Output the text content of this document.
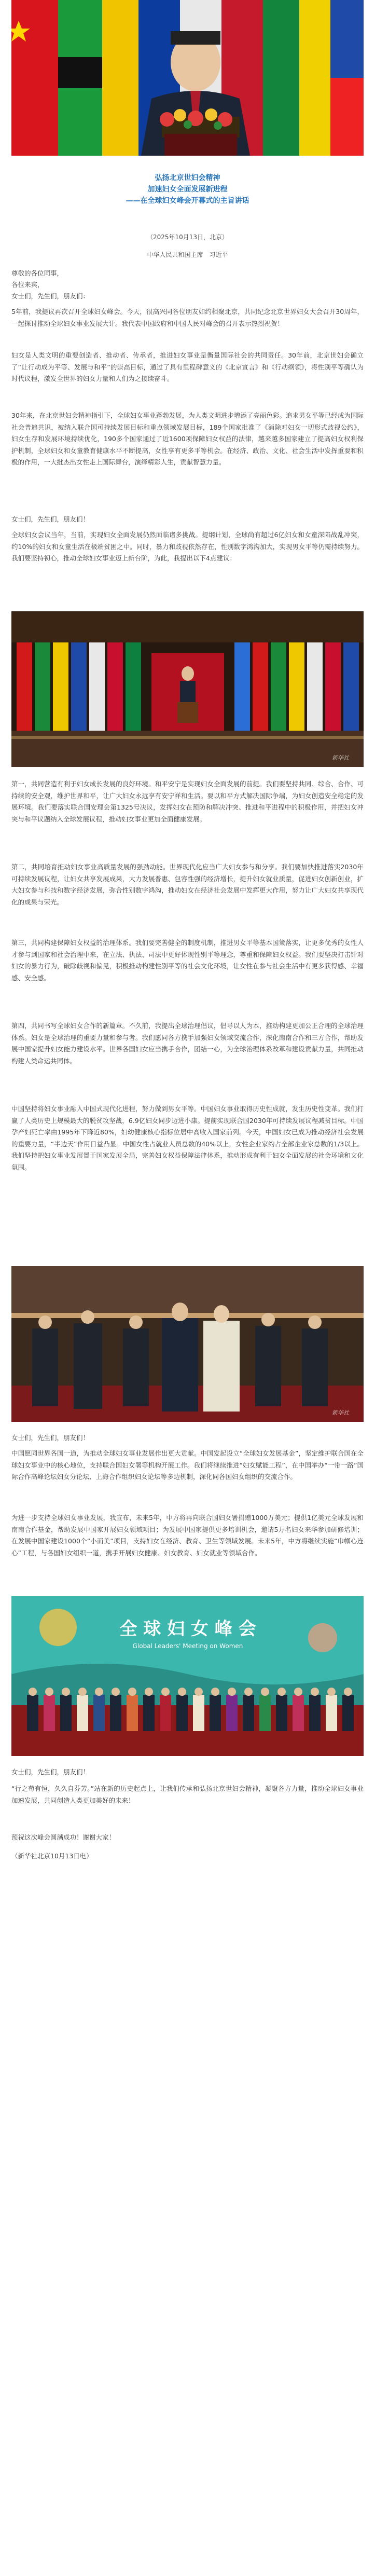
弘扬北京世妇会精神

加速妇女全面发展新进程

——在全球妇女峰会开幕式的主旨讲话

（2025年10月13日，北京）

中华人民共和国主席　习近平

尊敬的各位同事，

各位来宾，

女士们，先生们，朋友们：

5年前，我提议再次召开全球妇女峰会。今天，很高兴同各位朋友如约相聚北京，共同纪念北京世界妇女大会召开30周年，一起探讨推动全球妇女事业发展大计。我代表中国政府和中国人民对峰会的召开表示热烈祝贺！

妇女是人类文明的重要创造者、推动者、传承者，推进妇女事业是衡量国际社会的共同责任。30年前，北京世妇会确立了“让行动成为平等、发展与和平”的崇高目标，通过了具有里程碑意义的《北京宣言》和《行动纲领》，将性别平等确认为时代议程，激发全世界的妇女力量和人们为之接续奋斗。

30年来，在北京世妇会精神指引下，全球妇女事业蓬勃发展，为人类文明进步增添了亮丽色彩。追求男女平等已经成为国际社会普遍共识，被纳入联合国可持续发展目标和重点领域发展目标，189个国家批准了《消除对妇女一切形式歧视公约》，妇女生存和发展环境持续优化，190多个国家通过了近1600项保障妇女权益的法律，越来越多国家建立了提高妇女权利保护机制，全球妇女和女童教育健康水平不断提高，女性享有更多平等机会。在经济、政治、文化、社会生活中发挥重要和积极的作用，一大批杰出女性走上国际舞台，演绎精彩人生，贡献智慧力量。

女士们，先生们，朋友们！

全球妇女会议当年，当前，实现妇女全面发展仍然面临诸多挑战。提纲计划，全球尚有超过6亿妇女和女童深陷战乱冲突，约10%的妇女和女童生活在极端贫困之中。同时，暴力和歧视依然存在，性别数字鸿沟加大，实现男女平等仍需持续努力。我们要坚持初心，推动全球妇女事业迈上新台阶，为此，我提出以下4点建议：

新华社

第一，共同营造有利于妇女成长发展的良好环境。和平安宁是实现妇女全面发展的前提。我们要坚持共同、综合、合作、可持续的安全观，维护世界和平，让广大妇女永远享有安宁祥和生活。要以和平方式解决国际争端，为妇女创造安全稳定的发展环境。我们要落实联合国安理会第1325号决议，发挥妇女在预防和解决冲突、推进和平进程中的积极作用，并把妇女冲突与和平议题纳入全球发展议程，推动妇女事业更加全面健康发展。

第二，共同培育推动妇女事业高质量发展的强劲动能。世界现代化应当广大妇女参与和分享。我们要加快推进落实2030年可持续发展议程，让妇女共享发展成果，大力发展普惠、包容性强的经济增长，提升妇女就业质量，促进妇女创新创业，扩大妇女参与科技和数字经济发展，弥合性别数字鸿沟，推动妇女在经济社会发展中发挥更大作用，努力让广大妇女共享现代化的成果与荣光。

第三，共同构建保障妇女权益的治理体系。我们要完善健全的制度机制，推进男女平等基本国策落实，让更多优秀的女性人才参与到国家和社会治理中来，在立法、执法、司法中更好体现性别平等理念，尊重和保障妇女权益。我们要坚决打击针对妇女的暴力行为，破除歧视和偏见，积极推动构建性别平等的社会文化环境，让女性在参与社会生活中有更多获得感、幸福感、安全感。

第四，共同书写全球妇女合作的新篇章。不久前，我提出全球治理倡议，倡导以人为本，推动构建更加公正合理的全球治理体系。妇女是全球治理的重要力量和参与者。我们愿同各方携手加强妇女领域交流合作，深化南南合作和三方合作，帮助发展中国家提升妇女能力建设水平。世界各国妇女应当携手合作，团结一心，为全球治理体系改革和建设贡献力量，共同推动构建人类命运共同体。

中国坚持将妇女事业融入中国式现代化进程，努力做到男女平等。中国妇女事业取得历史性成就，发生历史性变革。我们打赢了人类历史上规模最大的脱贫攻坚战，6.9亿妇女同步迈进小康。提前实现联合国2030年可持续发展议程减贫目标。中国孕产妇死亡率由1995年下降近80%，妇幼健康核心指标位居中高收入国家前列。今天，中国妇女已成为推动经济社会发展的重要力量，“半边天”作用日益凸显。中国女性占就业人员总数的40%以上，女性企业家约占全部企业家总数的1/3以上。我们坚持把妇女事业发展置于国家发展全局，完善妇女权益保障法律体系，推动形成有利于妇女全面发展的社会环境和文化氛围。

新华社

女士们，先生们，朋友们！

中国愿同世界各国一道，为推动全球妇女事业发展作出更大贡献。中国发起设立“全球妇女发展基金”，坚定维护联合国在全球妇女事业中的核心地位，支持联合国妇女署等机构开展工作。我们将继续推进“妇女赋能工程”，在中国举办“一带一路”国际合作高峰论坛妇女分论坛、上海合作组织妇女论坛等多边机制，深化同各国妇女组织的交流合作。

为进一步支持全球妇女事业发展，我宣布，未来5年，中方将再向联合国妇女署捐赠1000万美元；提供1亿美元全球发展和南南合作基金，帮助发展中国家开展妇女领域项目；为发展中国家提供更多培训机会，邀请5万名妇女来华参加研修培训；在发展中国家建设1000个“小而美”项目，支持妇女在经济、教育、卫生等领域发展。未来5年，中方将继续实施“巾帼心连心”工程，与各国妇女组织一道，携手开展妇女健康、妇女教育、妇女就业等领域合作。

全 球 妇 女 峰 会
Global Leaders' Meeting on Women

女士们，先生们，朋友们！

“行之苟有恒，久久自芬芳。”站在新的历史起点上，让我们传承和弘扬北京世妇会精神，凝聚各方力量，推动全球妇女事业加速发展，共同创造人类更加美好的未来！

预祝这次峰会圆满成功！谢谢大家！

（新华社北京10月13日电）
